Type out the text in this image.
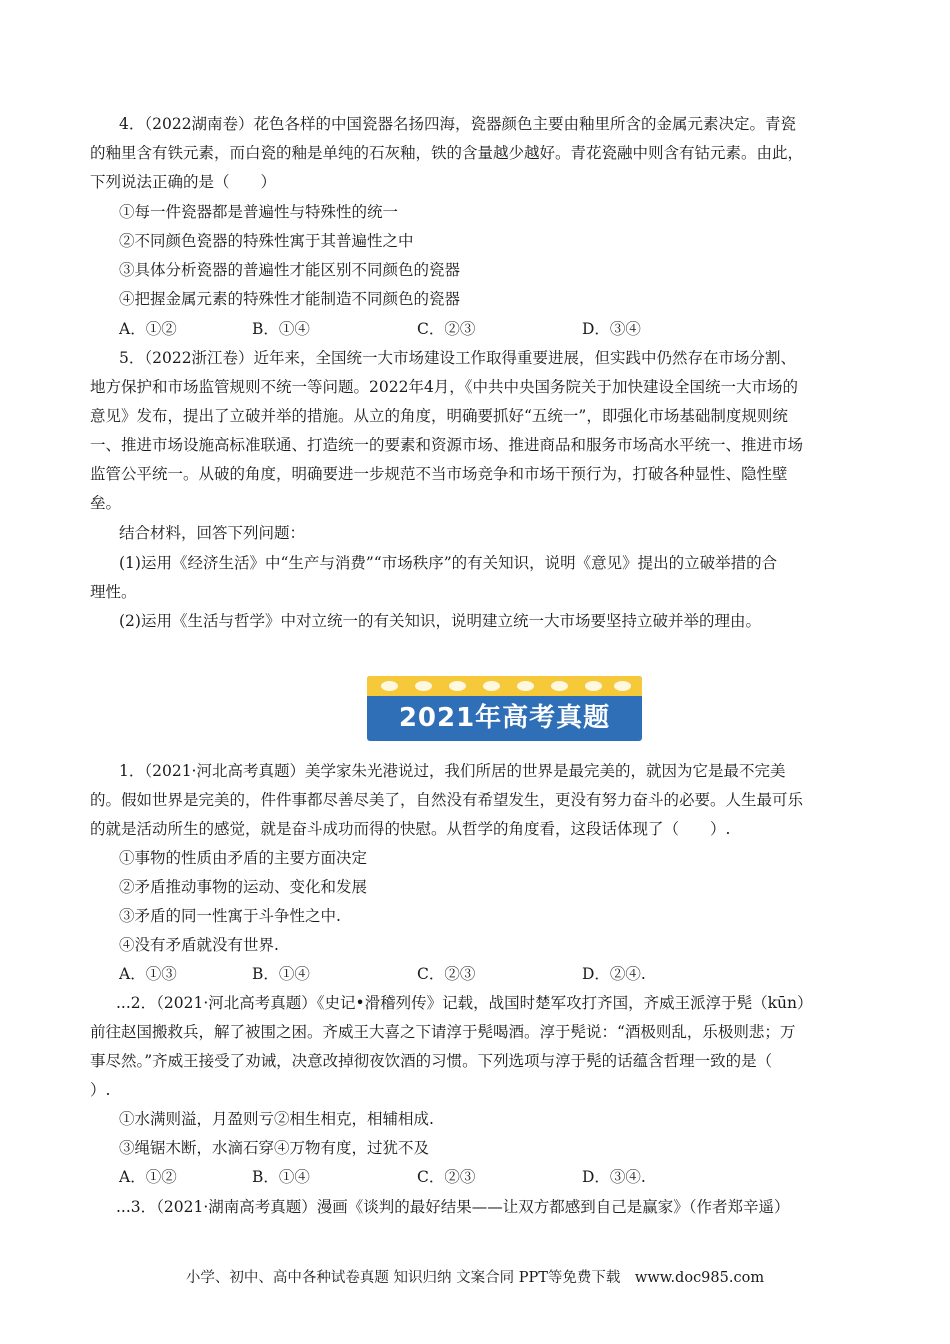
4．（2022湖南卷）花色各样的中国瓷器名扬四海，瓷器颜色主要由釉里所含的金属元素决定。青瓷
的釉里含有铁元素，而白瓷的釉是单纯的石灰釉，铁的含量越少越好。青花瓷融中则含有钴元素。由此，
下列说法正确的是（　　）
①每一件瓷器都是普遍性与特殊性的统一
②不同颜色瓷器的特殊性寓于其普遍性之中
③具体分析瓷器的普遍性才能区别不同颜色的瓷器
④把握金属元素的特殊性才能制造不同颜色的瓷器
A．①②	B．①④	C．②③	D．③④
5．（2022浙江卷）近年来，全国统一大市场建设工作取得重要进展，但实践中仍然存在市场分割、
地方保护和市场监管规则不统一等问题。2022年4月，《中共中央国务院关于加快建设全国统一大市场的
意见》发布，提出了立破并举的措施。从立的角度，明确要抓好“五统一”，即强化市场基础制度规则统
一、推进市场设施高标准联通、打造统一的要素和资源市场、推进商品和服务市场高水平统一、推进市场
监管公平统一。从破的角度，明确要进一步规范不当市场竞争和市场干预行为，打破各种显性、隐性壁
垒。
结合材料，回答下列问题：
(1)运用《经济生活》中“生产与消费”“市场秩序”的有关知识，说明《意见》提出的立破举措的合
理性。
(2)运用《生活与哲学》中对立统一的有关知识，说明建立统一大市场要坚持立破并举的理由。
2021年高考真题
1．（2021·河北高考真题）美学家朱光港说过，我们所居的世界是最完美的，就因为它是最不完美
的。假如世界是完美的，件件事都尽善尽美了，自然没有希望发生，更没有努力奋斗的必要。人生最可乐
的就是活动所生的感觉，就是奋斗成功而得的快慰。从哲学的角度看，这段话体现了（　　）.
①事物的性质由矛盾的主要方面决定
②矛盾推动事物的运动、变化和发展
③矛盾的同一性寓于斗争性之中.
④没有矛盾就没有世界.
A．①③	B．①④	C．②③	D．②④.
...2．（2021·河北高考真题）《史记•滑稽列传》记载，战国时楚军攻打齐国，齐威王派淳于髡（kūn）
前往赵国搬救兵，解了被围之困。齐威王大喜之下请淳于髡喝酒。淳于髡说：“酒极则乱，乐极则悲；万
事尽然。”齐威王接受了劝诫，决意改掉彻夜饮酒的习惯。下列选项与淳于髡的话蕴含哲理一致的是（
）.
①水满则溢，月盈则亏②相生相克，相辅相成.
③绳锯木断，水滴石穿④万物有度，过犹不及
A．①②	B．①④	C．②③	D．③④.
...3．（2021·湖南高考真题）漫画《谈判的最好结果——让双方都感到自己是赢家》（作者郑辛遥）
小学、初中、高中各种试卷真题 知识归纳 文案合同 PPT等免费下载　www.doc985.com
